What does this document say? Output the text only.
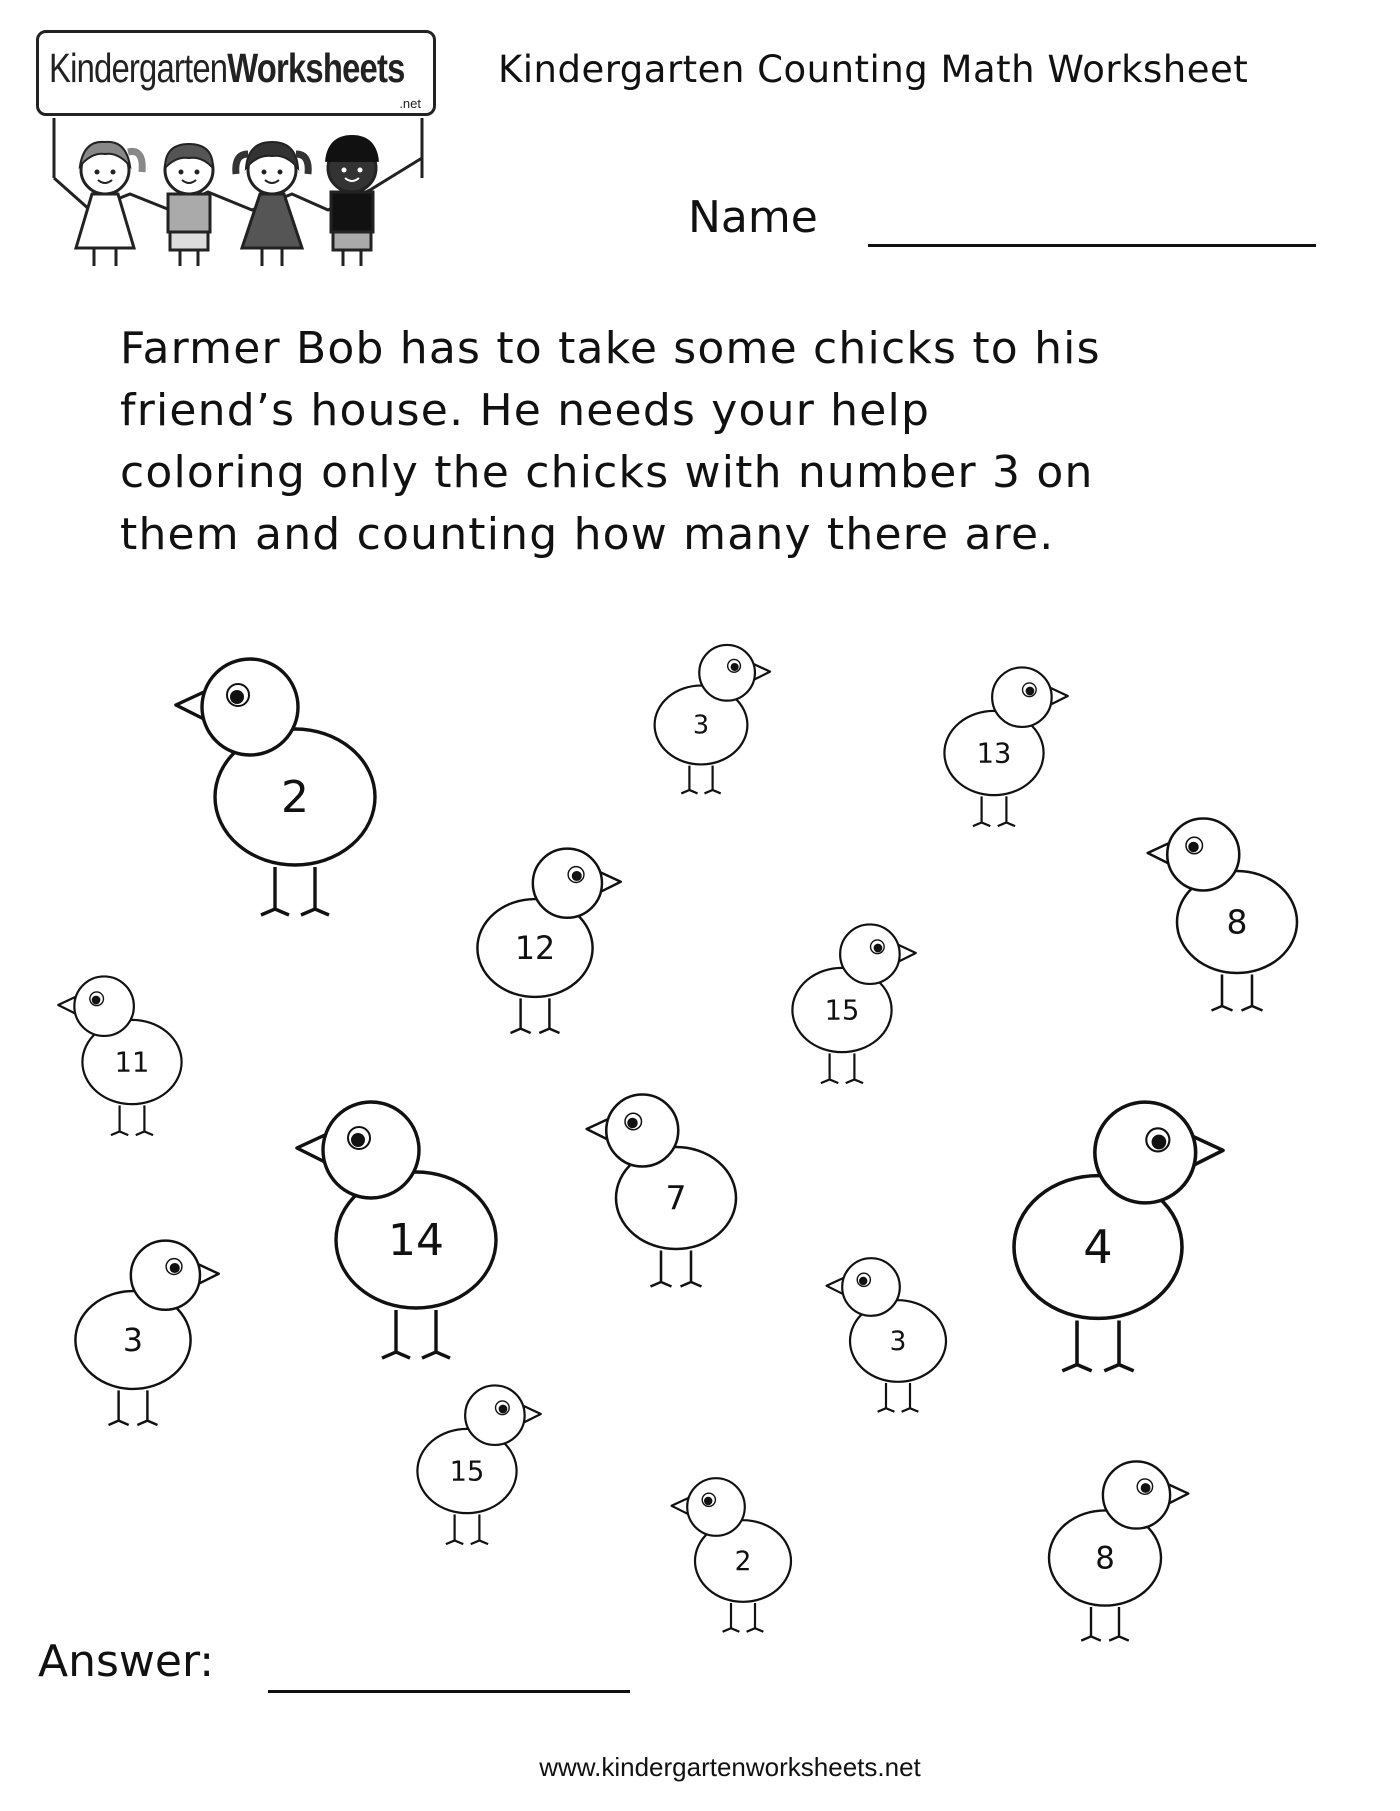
KindergartenWorksheets
.net
Kindergarten Counting Math Worksheet
Name
Farmer Bob has to take some chicks to his
friend’s house. He needs your help
coloring only the chicks with number 3 on
them and counting how many there are.
2
3
13
8
12
15
11
14
7
4
3	3
15
2	8
Answer:
www.kindergartenworksheets.net
